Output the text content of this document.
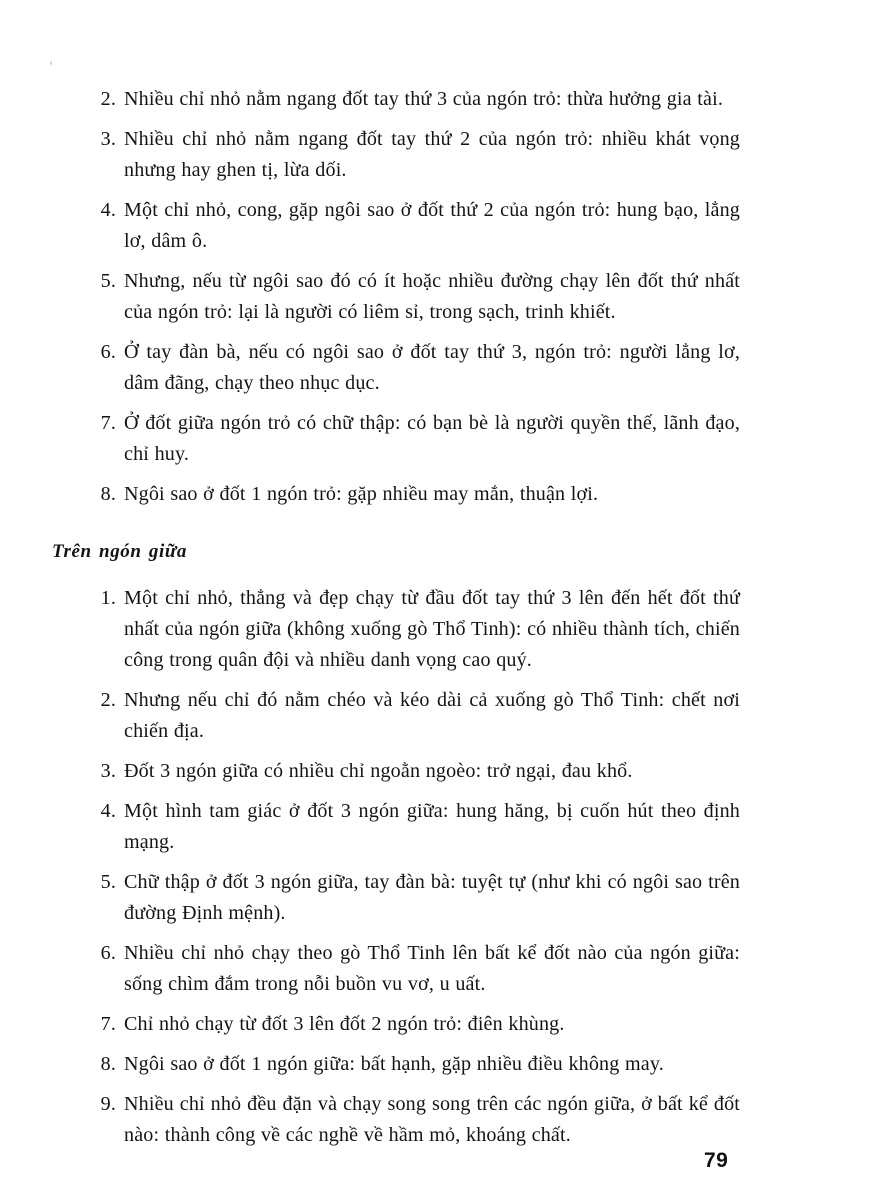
2. Nhiều chỉ nhỏ nằm ngang đốt tay thứ 3 của ngón trỏ: thừa hưởng gia tài.
3. Nhiều chỉ nhỏ nằm ngang đốt tay thứ 2 của ngón trỏ: nhiều khát vọng nhưng hay ghen tị, lừa dối.
4. Một chỉ nhỏ, cong, gặp ngôi sao ở đốt thứ 2 của ngón trỏ: hung bạo, lẳng lơ, dâm ô.
5. Nhưng, nếu từ ngôi sao đó có ít hoặc nhiều đường chạy lên đốt thứ nhất của ngón trỏ: lại là người có liêm sỉ, trong sạch, trinh khiết.
6. Ở tay đàn bà, nếu có ngôi sao ở đốt tay thứ 3, ngón trỏ: người lẳng lơ, dâm đãng, chạy theo nhục dục.
7. Ở đốt giữa ngón trỏ có chữ thập: có bạn bè là người quyền thế, lãnh đạo, chỉ huy.
8. Ngôi sao ở đốt 1 ngón trỏ: gặp nhiều may mắn, thuận lợi.
Trên ngón giữa
1. Một chỉ nhỏ, thẳng và đẹp chạy từ đầu đốt tay thứ 3 lên đến hết đốt thứ nhất của ngón giữa (không xuống gò Thổ Tinh): có nhiều thành tích, chiến công trong quân đội và nhiều danh vọng cao quý.
2. Nhưng nếu chỉ đó nằm chéo và kéo dài cả xuống gò Thổ Tinh: chết nơi chiến địa.
3. Đốt 3 ngón giữa có nhiều chỉ ngoằn ngoèo: trở ngại, đau khổ.
4. Một hình tam giác ở đốt 3 ngón giữa: hung hăng, bị cuốn hút theo định mạng.
5. Chữ thập ở đốt 3 ngón giữa, tay đàn bà: tuyệt tự (như khi có ngôi sao trên đường Định mệnh).
6. Nhiều chỉ nhỏ chạy theo gò Thổ Tinh lên bất kể đốt nào của ngón giữa: sống chìm đắm trong nỗi buồn vu vơ, u uất.
7. Chỉ nhỏ chạy từ đốt 3 lên đốt 2 ngón trỏ: điên khùng.
8. Ngôi sao ở đốt 1 ngón giữa: bất hạnh, gặp nhiều điều không may.
9. Nhiều chỉ nhỏ đều đặn và chạy song song trên các ngón giữa, ở bất kể đốt nào: thành công về các nghề về hầm mỏ, khoáng chất.
79
